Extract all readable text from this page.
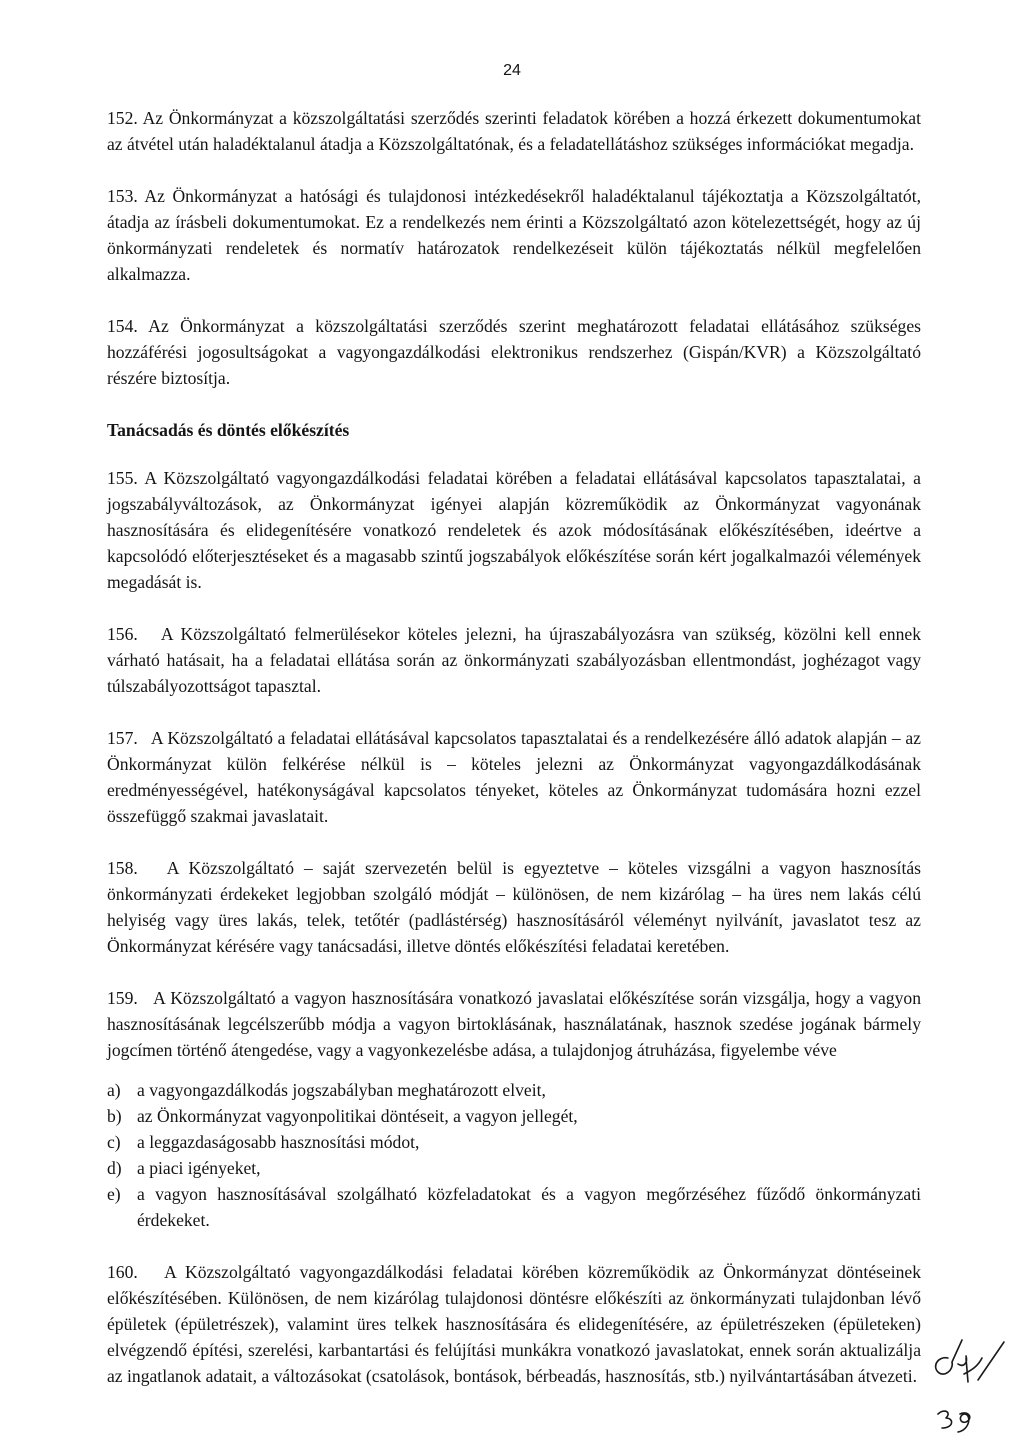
24

152. Az Önkormányzat a közszolgáltatási szerződés szerinti feladatok körében a hozzá érkezett dokumentumokat az átvétel után haladéktalanul átadja a Közszolgáltatónak, és a feladatellátáshoz szükséges információkat megadja.

153. Az Önkormányzat a hatósági és tulajdonosi intézkedésekről haladéktalanul tájékoztatja a Közszolgáltatót, átadja az írásbeli dokumentumokat. Ez a rendelkezés nem érinti a Közszolgáltató azon kötelezettségét, hogy az új önkormányzati rendeletek és normatív határozatok rendelkezéseit külön tájékoztatás nélkül megfelelően alkalmazza.

154. Az Önkormányzat a közszolgáltatási szerződés szerint meghatározott feladatai ellátásához szükséges hozzáférési jogosultságokat a vagyongazdálkodási elektronikus rendszerhez (Gispán/KVR) a Közszolgáltató részére biztosítja.

Tanácsadás és döntés előkészítés

155. A Közszolgáltató vagyongazdálkodási feladatai körében a feladatai ellátásával kapcsolatos tapasztalatai, a jogszabályváltozások, az Önkormányzat igényei alapján közreműködik az Önkormányzat vagyonának hasznosítására és elidegenítésére vonatkozó rendeletek és azok módosításának előkészítésében, ideértve a kapcsolódó előterjesztéseket és a magasabb szintű jogszabályok előkészítése során kért jogalkalmazói vélemények megadását is.

156. A Közszolgáltató felmerülésekor köteles jelezni, ha újraszabályozásra van szükség, közölni kell ennek várható hatásait, ha a feladatai ellátása során az önkormányzati szabályozásban ellentmondást, joghézagot vagy túlszabályozottságot tapasztal.

157. A Közszolgáltató a feladatai ellátásával kapcsolatos tapasztalatai és a rendelkezésére álló adatok alapján – az Önkormányzat külön felkérése nélkül is – köteles jelezni az Önkormányzat vagyongazdálkodásának eredményességével, hatékonyságával kapcsolatos tényeket, köteles az Önkormányzat tudomására hozni ezzel összefüggő szakmai javaslatait.

158. A Közszolgáltató – saját szervezetén belül is egyeztetve – köteles vizsgálni a vagyon hasznosítás önkormányzati érdekeket legjobban szolgáló módját – különösen, de nem kizárólag – ha üres nem lakás célú helyiség vagy üres lakás, telek, tetőtér (padlástérség) hasznosításáról véleményt nyilvánít, javaslatot tesz az Önkormányzat kérésére vagy tanácsadási, illetve döntés előkészítési feladatai keretében.

159. A Közszolgáltató a vagyon hasznosítására vonatkozó javaslatai előkészítése során vizsgálja, hogy a vagyon hasznosításának legcélszerűbb módja a vagyon birtoklásának, használatának, hasznok szedése jogának bármely jogcímen történő átengedése, vagy a vagyonkezelésbe adása, a tulajdonjog átruházása, figyelembe véve

a) a vagyongazdálkodás jogszabályban meghatározott elveit,
b) az Önkormányzat vagyonpolitikai döntéseit, a vagyon jellegét,
c) a leggazdaságosabb hasznosítási módot,
d) a piaci igényeket,
e) a vagyon hasznosításával szolgálható közfeladatokat és a vagyon megőrzéséhez fűződő önkormányzati érdekeket.

160. A Közszolgáltató vagyongazdálkodási feladatai körében közreműködik az Önkormányzat döntéseinek előkészítésében. Különösen, de nem kizárólag tulajdonosi döntésre előkészíti az önkormányzati tulajdonban lévő épületek (épületrészek), valamint üres telkek hasznosítására és elidegenítésére, az épületrészeken (épületeken) elvégzendő építési, szerelési, karbantartási és felújítási munkákra vonatkozó javaslatokat, ennek során aktualizálja az ingatlanok adatait, a változásokat (csatolások, bontások, bérbeadás, hasznosítás, stb.) nyilvántartásában átvezeti.
